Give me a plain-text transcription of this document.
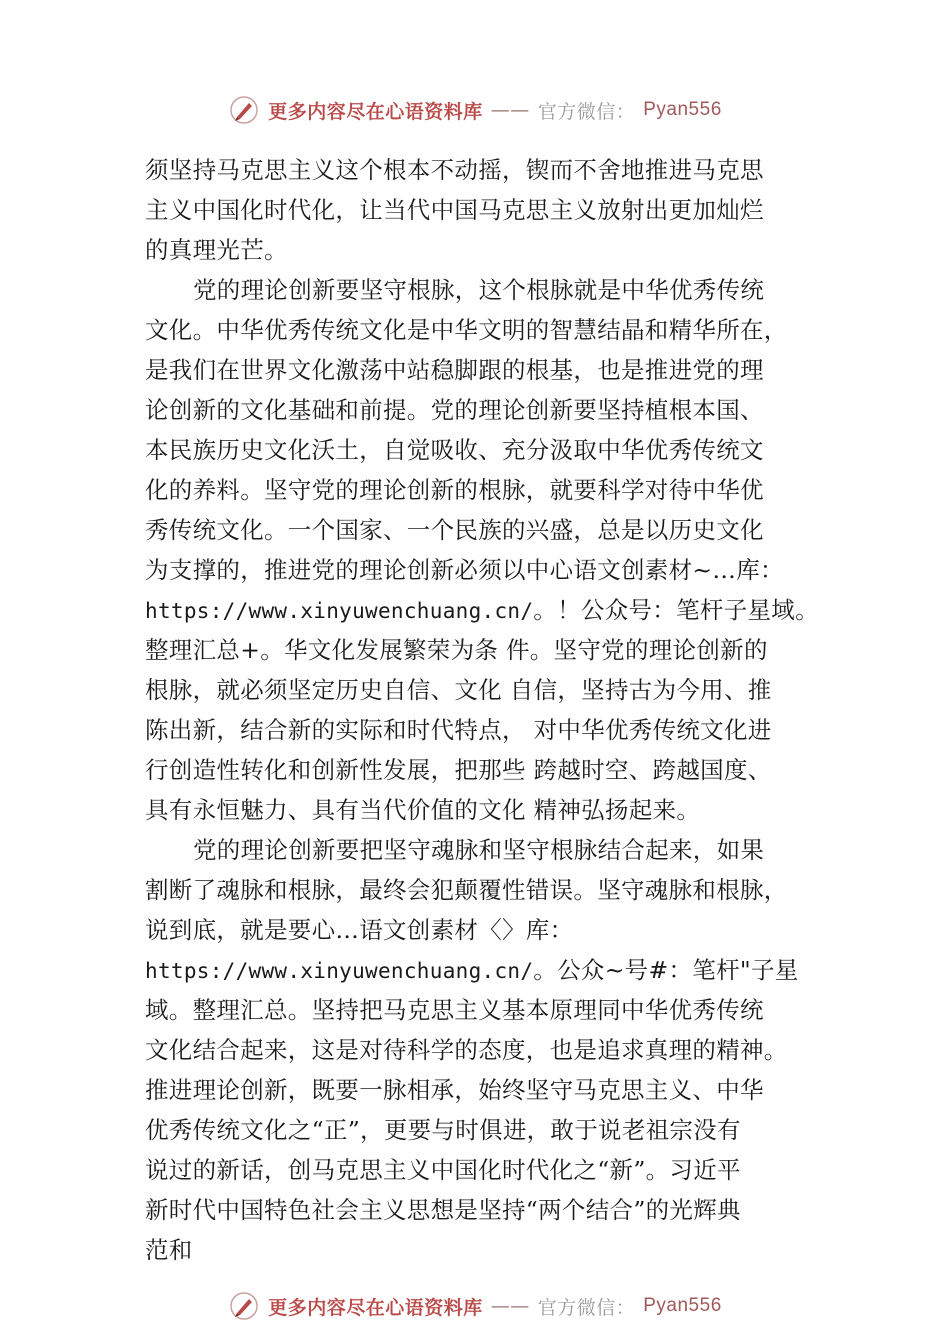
更多内容尽在心语资料库 —— 官方微信： Pyan556
须坚持马克思主义这个根本不动摇，锲而不舍地推进马克思
主义中国化时代化，让当代中国马克思主义放射出更加灿烂
的真理光芒。
党的理论创新要坚守根脉，这个根脉就是中华优秀传统
文化。中华优秀传统文化是中华文明的智慧结晶和精华所在，
是我们在世界文化激荡中站稳脚跟的根基，也是推进党的理
论创新的文化基础和前提。党的理论创新要坚持植根本国、
本民族历史文化沃土，自觉吸收、充分汲取中华优秀传统文
化的养料。坚守党的理论创新的根脉，就要科学对待中华优
秀传统文化。一个国家、一个民族的兴盛，总是以历史文化
为支撑的，推进党的理论创新必须以中心语文创素材~…库：
https://www.xinyuwenchuang.cn/。！公众号：笔杆子星域。
整理汇总+。华文化发展繁荣为条 件。坚守党的理论创新的
根脉，就必须坚定历史自信、文化 自信，坚持古为今用、推
陈出新，结合新的实际和时代特点， 对中华优秀传统文化进
行创造性转化和创新性发展，把那些 跨越时空、跨越国度、
具有永恒魅力、具有当代价值的文化 精神弘扬起来。
党的理论创新要把坚守魂脉和坚守根脉结合起来，如果
割断了魂脉和根脉，最终会犯颠覆性错误。坚守魂脉和根脉，
说到底，就是要心…语文创素材〈〉库：
https://www.xinyuwenchuang.cn/。公众~号#：笔杆"子星
域。整理汇总。坚持把马克思主义基本原理同中华优秀传统
文化结合起来，这是对待科学的态度，也是追求真理的精神。
推进理论创新，既要一脉相承，始终坚守马克思主义、中华
优秀传统文化之“正”，更要与时俱进，敢于说老祖宗没有
说过的新话，创马克思主义中国化时代化之“新”。习近平
新时代中国特色社会主义思想是坚持“两个结合”的光辉典
范和
更多内容尽在心语资料库 —— 官方微信： Pyan556
